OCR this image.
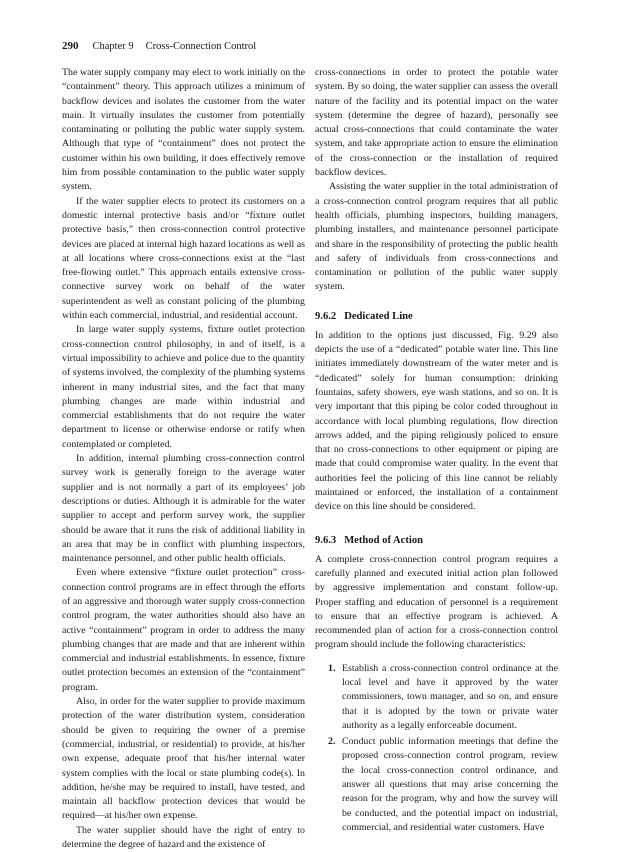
290 Chapter 9 Cross-Connection Control

The water supply company may elect to work initially on the “containment” theory. This approach utilizes a minimum of backflow devices and isolates the customer from the water main. It virtually insulates the customer from potentially contaminating or polluting the public water supply system. Although that type of “containment” does not protect the customer within his own building, it does effectively remove him from possible contamination to the public water supply system.

If the water supplier elects to protect its customers on a domestic internal protective basis and/or “fixture outlet protective basis,” then cross-connection control protective devices are placed at internal high hazard locations as well as at all locations where cross-connections exist at the “last free-flowing outlet.” This approach entails extensive cross-connective survey work on behalf of the water superintendent as well as constant policing of the plumbing within each commercial, industrial, and residential account.

In large water supply systems, fixture outlet protection cross-connection control philosophy, in and of itself, is a virtual impossibility to achieve and police due to the quantity of systems involved, the complexity of the plumbing systems inherent in many industrial sites, and the fact that many plumbing changes are made within industrial and commercial establishments that do not require the water department to license or otherwise endorse or ratify when contemplated or completed.

In addition, internal plumbing cross-connection control survey work is generally foreign to the average water supplier and is not normally a part of its employees’ job descriptions or duties. Although it is admirable for the water supplier to accept and perform survey work, the supplier should be aware that it runs the risk of additional liability in an area that may be in conflict with plumbing inspectors, maintenance personnel, and other public health officials.

Even where extensive “fixture outlet protection” cross-connection control programs are in effect through the efforts of an aggressive and thorough water supply cross-connection control program, the water authorities should also have an active “containment” program in order to address the many plumbing changes that are made and that are inherent within commercial and industrial establishments. In essence, fixture outlet protection becomes an extension of the “containment” program.

Also, in order for the water supplier to provide maximum protection of the water distribution system, consideration should be given to requiring the owner of a premise (commercial, industrial, or residential) to provide, at his/her own expense, adequate proof that his/her internal water system complies with the local or state plumbing code(s). In addition, he/she may be required to install, have tested, and maintain all backflow protection devices that would be required—at his/her own expense.

The water supplier should have the right of entry to determine the degree of hazard and the existence of

cross-connections in order to protect the potable water system. By so doing, the water supplier can assess the overall nature of the facility and its potential impact on the water system (determine the degree of hazard), personally see actual cross-connections that could contaminate the water system, and take appropriate action to ensure the elimination of the cross-connection or the installation of required backflow devices.

Assisting the water supplier in the total administration of a cross-connection control program requires that all public health officials, plumbing inspectors, building managers, plumbing installers, and maintenance personnel participate and share in the responsibility of protecting the public health and safety of individuals from cross-connections and contamination or pollution of the public water supply system.

9.6.2 Dedicated Line

In addition to the options just discussed, Fig. 9.29 also depicts the use of a “dedicated” potable water line. This line initiates immediately downstream of the water meter and is “dedicated” solely for human consumption: drinking fountains, safety showers, eye wash stations, and so on. It is very important that this piping be color coded throughout in accordance with local plumbing regulations, flow direction arrows added, and the piping religiously policed to ensure that no cross-connections to other equipment or piping are made that could compromise water quality. In the event that authorities feel the policing of this line cannot be reliably maintained or enforced, the installation of a containment device on this line should be considered.

9.6.3 Method of Action

A complete cross-connection control program requires a carefully planned and executed initial action plan followed by aggressive implementation and constant follow-up. Proper staffing and education of personnel is a requirement to ensure that an effective program is achieved. A recommended plan of action for a cross-connection control program should include the following characteristics:

1. Establish a cross-connection control ordinance at the local level and have it approved by the water commissioners, town manager, and so on, and ensure that it is adopted by the town or private water authority as a legally enforceable document.
2. Conduct public information meetings that define the proposed cross-connection control program, review the local cross-connection control ordinance, and answer all questions that may arise concerning the reason for the program, why and how the survey will be conducted, and the potential impact on industrial, commercial, and residential water customers. Have
